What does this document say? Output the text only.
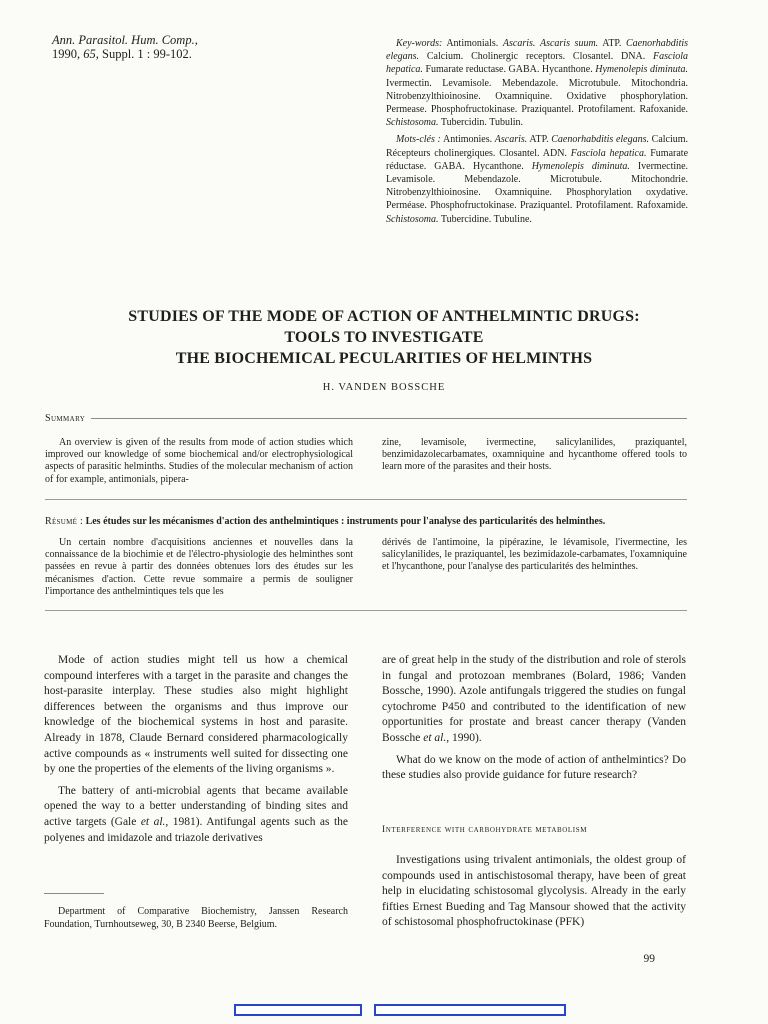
Ann. Parasitol. Hum. Comp.,
1990, 65, Suppl. 1 : 99-102.

Key-words: Antimonials. Ascaris. Ascaris suum. ATP. Caenorhabditis elegans. Calcium. Cholinergic receptors. Closantel. DNA. Fasciola hepatica. Fumarate reductase. GABA. Hycanthone. Hymenolepis diminuta. Ivermectin. Levamisole. Mebendazole. Microtubule. Mitochondria. Nitrobenzylthioinosine. Oxamniquine. Oxidative phosphorylation. Permease. Phosphofructokinase. Praziquantel. Protofilament. Rafoxanide. Schistosoma. Tubercidin. Tubulin.

Mots-clés : Antimonies. Ascaris. ATP. Caenorhabditis elegans. Calcium. Récepteurs cholinergiques. Closantel. ADN. Fasciola hepatica. Fumarate réductase. GABA. Hycanthone. Hymenolepis diminuta. Ivermectine. Levamisole.	Mebendazole.	Microtubule.	Mitochondrie. Nitrobenzylthioinosine. Oxamniquine. Phosphorylation oxydative. Perméase. Phosphofructokinase. Praziquantel. Protofilament. Rafoxamide. Schistosoma. Tubercidine. Tubuline.

STUDIES OF THE MODE OF ACTION OF ANTHELMINTIC DRUGS:
TOOLS TO INVESTIGATE
THE BIOCHEMICAL PECULARITIES OF HELMINTHS
H. VANDEN BOSSCHE
Summary

An overview is given of the results from mode of action studies which improved our knowledge of some biochemical and/or electrophysiological aspects of parasitic helminths. Studies of the molecular mechanism of action of for example, antimonials, pipera-

zine, levamisole, ivermectine, salicylanilides, praziquantel, benzimidazolecarbamates, oxamniquine and hycanthome offered tools to learn more of the parasites and their hosts.

Résumé : Les études sur les mécanismes d'action des anthelmintiques : instruments pour l'analyse des particularités des helminthes.

Un certain nombre d'acquisitions anciennes et nouvelles dans la connaissance de la biochimie et de l'électro-physiologie des helminthes sont passées en revue à partir des données obtenues lors des études sur les mécanismes d'action. Cette revue sommaire a permis de souligner l'importance des anthelmintiques tels que les

dérivés de l'antimoine, la pipérazine, le lévamisole, l'ivermectine, les salicylanilides, le praziquantel, les bezimidazole-carbamates, l'oxamniquine et l'hycanthone, pour l'analyse des particularités des helminthes.

Mode of action studies might tell us how a chemical compound interferes with a target in the parasite and changes the host-parasite interplay. These studies also might highlight differences between the organisms and thus improve our knowledge of the biochemical systems in host and parasite. Already in 1878, Claude Bernard considered pharmacologically active compounds as « instruments well suited for dissecting one by one the properties of the elements of the living organisms ».

The battery of anti-microbial agents that became available opened the way to a better understanding of binding sites and active targets (Gale et al., 1981). Antifungal agents such as the polyenes and imidazole and triazole derivatives

are of great help in the study of the distribution and role of sterols in fungal and protozoan membranes (Bolard, 1986; Vanden Bossche, 1990). Azole antifungals triggered the studies on fungal cytochrome P450 and contributed to the identification of new opportunities for prostate and breast cancer therapy (Vanden Bossche et al., 1990).

What do we know on the mode of action of anthelmintics? Do these studies also provide guidance for future research?

Interference with carbohydrate metabolism

Investigations using trivalent antimonials, the oldest group of compounds used in antischistosomal therapy, have been of great help in elucidating schistosomal glycolysis. Already in the early fifties Ernest Bueding and Tag Mansour showed that the activity of schistosomal phosphofructokinase (PFK)

Department of Comparative Biochemistry, Janssen Research Foundation, Turnhoutseweg, 30, B 2340 Beerse, Belgium.
99
